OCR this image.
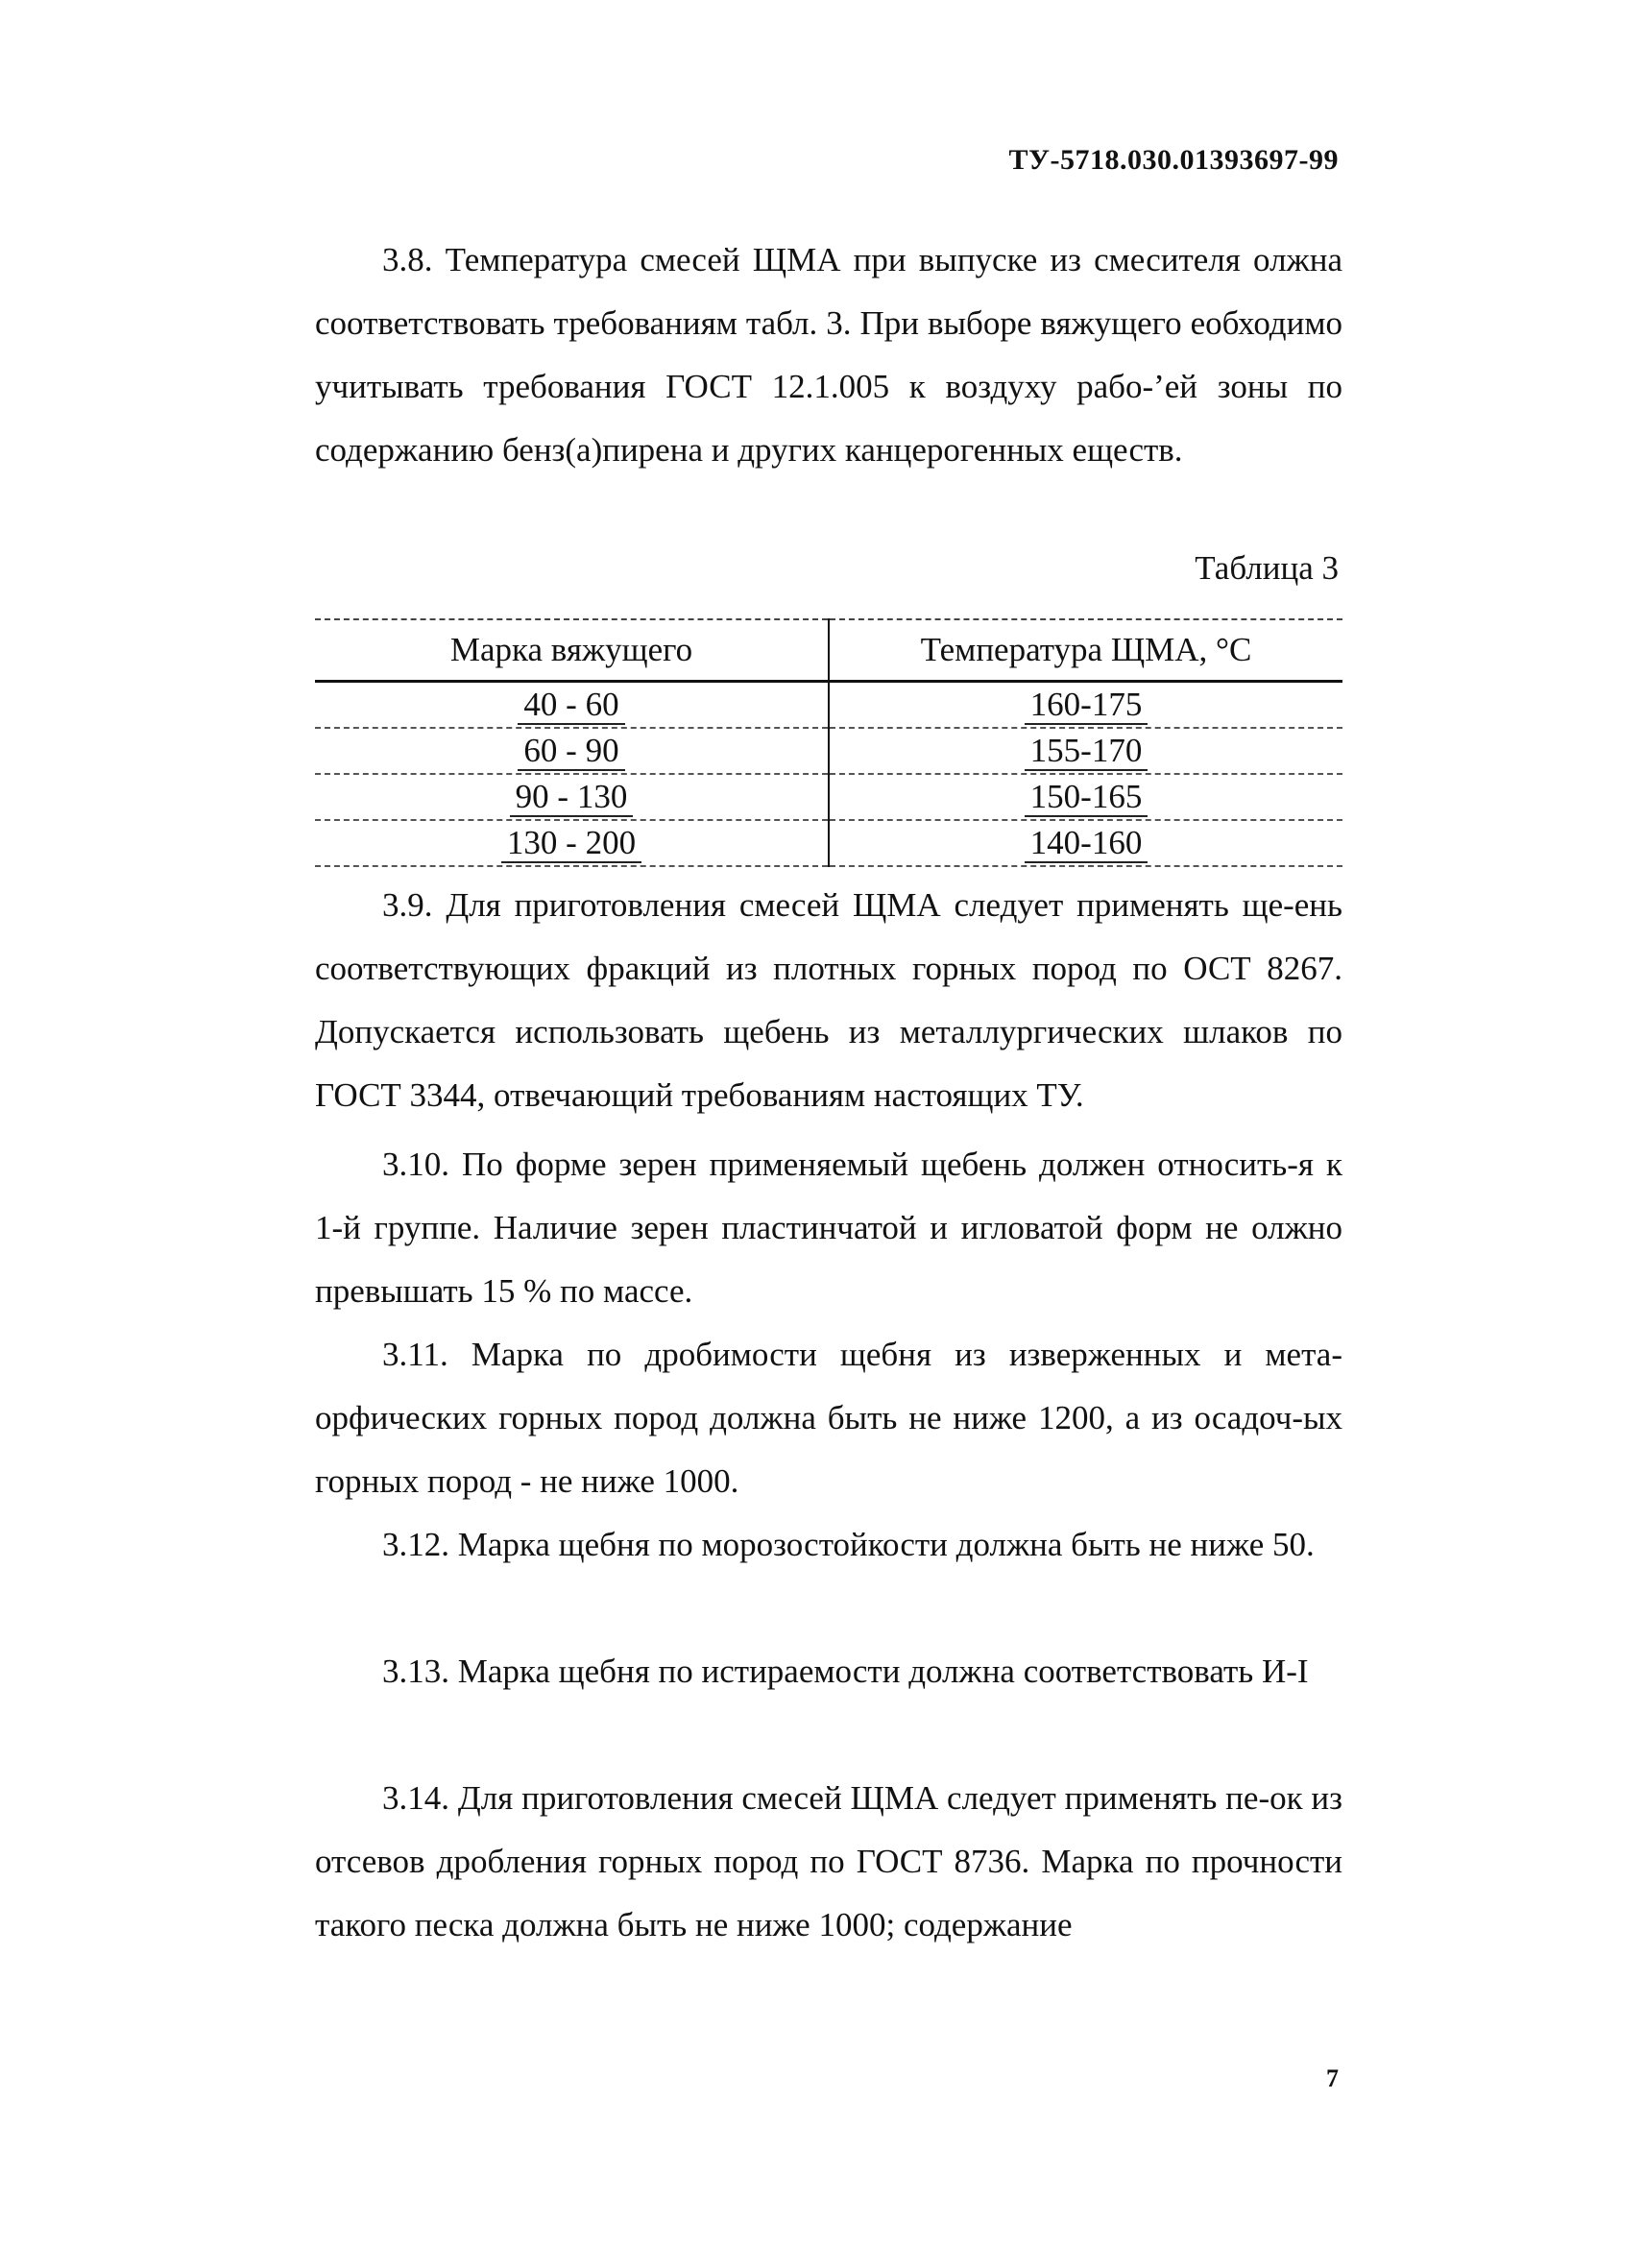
ТУ-5718.030.01393697-99

3.8. Температура смесей ЩМА при выпуске из смесителя олжна соответствовать требованиям табл. 3. При выборе вяжущего еобходимо учитывать требования ГОСТ 12.1.005 к воздуху рабо-’ей зоны по содержанию бенз(а)пирена и других канцерогенных еществ.

Таблица 3
Марка вяжущего	Температура ЩМА, °С
40 - 60	160-175
60 - 90	155-170
90 - 130	150-165
130 - 200	140-160

3.9. Для приготовления смесей ЩМА следует применять ще-ень соответствующих фракций из плотных горных пород по ОСТ 8267. Допускается использовать щебень из металлургических шлаков по ГОСТ 3344, отвечающий требованиям настоящих ТУ.

3.10. По форме зерен применяемый щебень должен относить-я к 1-й группе. Наличие зерен пластинчатой и игловатой форм не олжно превышать 15 % по массе.

3.11. Марка по дробимости щебня из изверженных и мета-орфических горных пород должна быть не ниже 1200, а из осадоч-ых горных пород - не ниже 1000.

3.12. Марка щебня по морозостойкости должна быть не ниже 50.

3.13. Марка щебня по истираемости должна соответствовать И-I

3.14. Для приготовления смесей ЩМА следует применять пе-ок из отсевов дробления горных пород по ГОСТ 8736. Марка по прочности такого песка должна быть не ниже 1000; содержание

7
